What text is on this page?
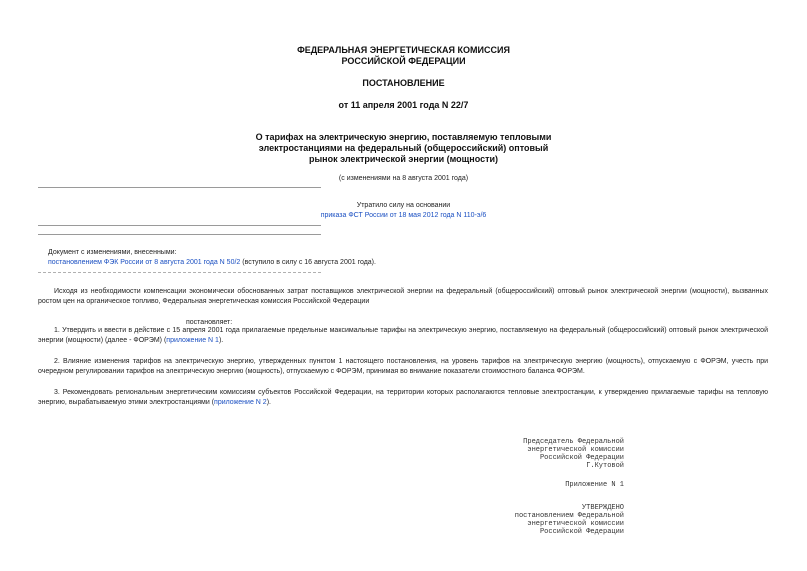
ФЕДЕРАЛЬНАЯ ЭНЕРГЕТИЧЕСКАЯ КОМИССИЯ
РОССИЙСКОЙ ФЕДЕРАЦИИ
ПОСТАНОВЛЕНИЕ
от 11 апреля 2001 года N 22/7
О тарифах на электрическую энергию, поставляемую тепловыми
электростанциями на федеральный (общероссийский) оптовый
рынок электрической энергии (мощности)
(с изменениями на 8 августа 2001 года)
Утратило силу на основании
приказа ФСТ России от 18 мая 2012 года N 110-э/6
Документ с изменениями, внесенными:
постановлением ФЭК России от 8 августа 2001 года N 50/2 (вступило в силу с 16 августа 2001 года).
Исходя из необходимости компенсации экономически обоснованных затрат поставщиков электрической энергии на федеральный (общероссийский) оптовый рынок электрической энергии (мощности), вызванных ростом цен на органическое топливо, Федеральная энергетическая комиссия Российской Федерации
постановляет:
1. Утвердить и ввести в действие с 15 апреля 2001 года прилагаемые предельные максимальные тарифы на электрическую энергию, поставляемую на федеральный (общероссийский) оптовый рынок электрической энергии (мощности) (далее - ФОРЭМ) (приложение N 1).
2. Влияние изменения тарифов на электрическую энергию, утвержденных пунктом 1 настоящего постановления, на уровень тарифов на электрическую энергию (мощность), отпускаемую с ФОРЭМ, учесть при очередном регулировании тарифов на электрическую энергию (мощность), отпускаемую с ФОРЭМ, принимая во внимание показатели стоимостного баланса ФОРЭМ.
3. Рекомендовать региональным энергетическим комиссиям субъектов Российской Федерации, на территории которых располагаются тепловые электростанции, к утверждению прилагаемые тарифы на тепловую энергию, вырабатываемую этими электростанциями (приложение N 2).
Председатель Федеральной
энергетической комиссии
Российской Федерации
Г.Кутовой
Приложение N 1
УТВЕРЖДЕНО
постановлением Федеральной
энергетической комиссии
Российской Федерации
